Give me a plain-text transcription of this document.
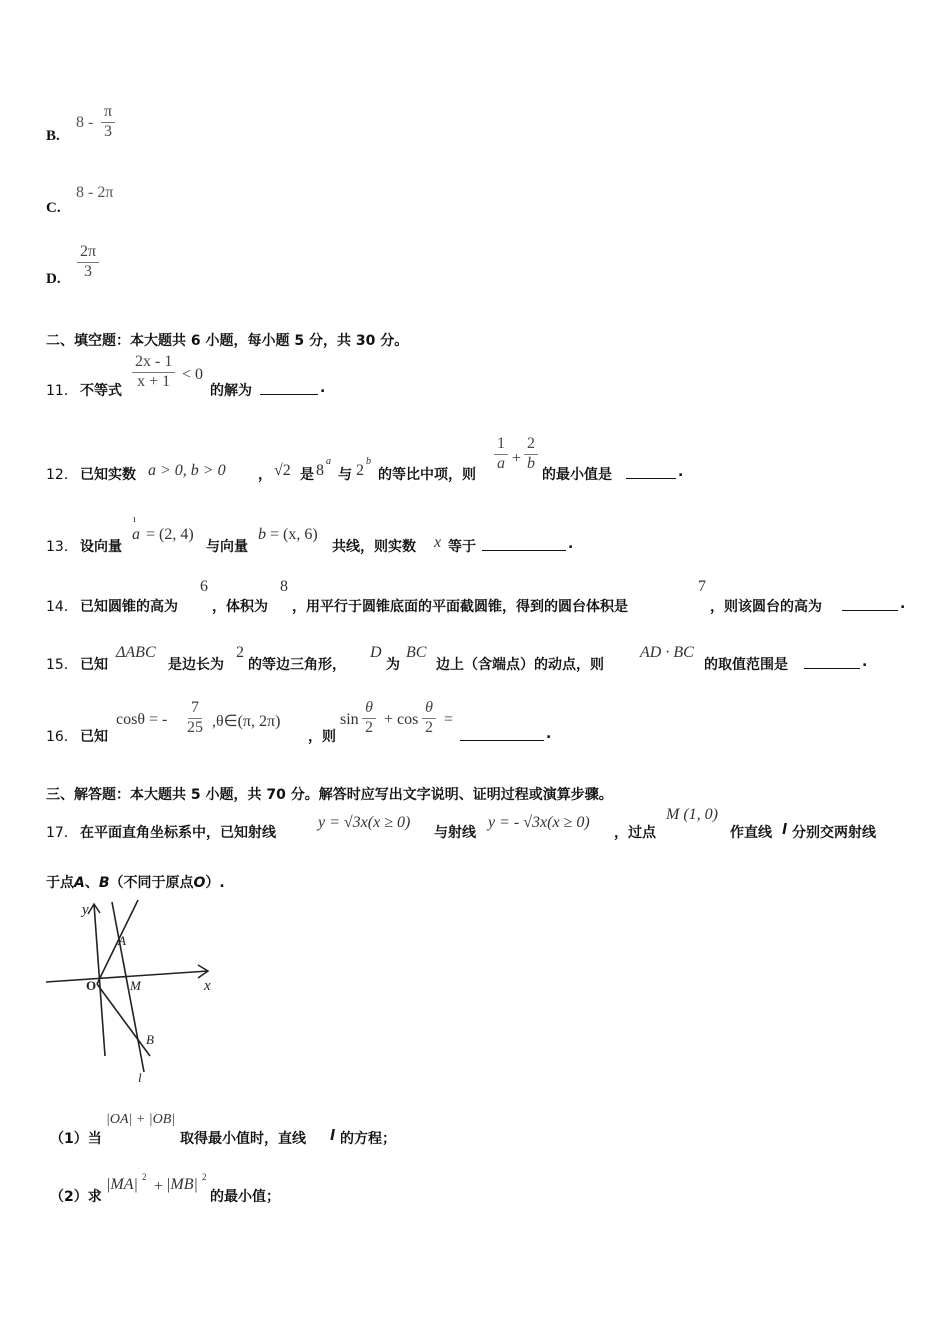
B.
$8 - \frac{\pi}{3}$
C.
8 - 2π
D. $\frac{2\pi}{3}$
二、填空题：本大题共 6 小题，每小题 5 分，共 30 分。
11． 不等式
$\frac{2x - 1}{x + 1} < 0$
的解为	.
12． 已知实数 a > 0, b > 0 ， √2 是 8
a
与 2
b
的等比中项，则
$\frac{1}{a} + \frac{2}{b}$
的最小值是	.
13． 设向量
ı
a = (2, 4)
与向量
b = (x, 6)
共线，则实数 x 等于	.
14． 已知圆锥的高为
6
，体积为
8
，用平行于圆锥底面的平面截圆锥，得到的圆台体积是
7
，则该圆台的高为	.
15． 已知
ΔABC
是边长为
2
的等边三角形，
D
为
BC
边上（含端点）的动点，则
AD · BC
的取值范围是	.
16． 已知
cosθ = - $\frac{7}{25}$ ,θ∈(π, 2π)
，则
$\sin \frac{\theta}{2} + \cos \frac{\theta}{2}$ =
.
三、解答题：本大题共 5 小题，共 70 分。解答时应写出文字说明、证明过程或演算步骤。
17． 在平面直角坐标系中，已知射线
y = √3x(x ≥ 0)
与射线
y = - √3x(x ≥ 0)
，过点
M (1, 0)
作直线 l 分别交两射线
于点A、B（不同于原点O）.
y
x
O
A
M
B
l
（1）当
|OA| + |OB|
取得最小值时，直线 l 的方程；
（2）求
|MA| 2
+ |MB| 2
的最小值；
